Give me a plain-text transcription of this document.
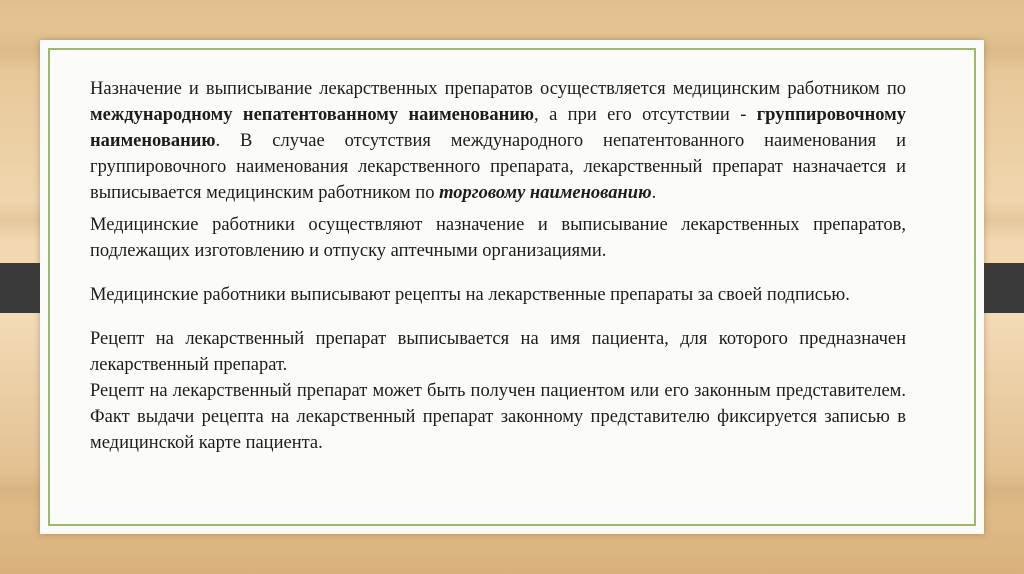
Назначение и выписывание лекарственных препаратов осуществляется медицинским работником по международному непатентованному наименованию, а при его отсутствии - группировочному наименованию. В случае отсутствия международного непатентованного наименования и группировочного наименования лекарственного препарата, лекарственный препарат назначается и выписывается медицинским работником по торговому наименованию.

Медицинские работники осуществляют назначение и выписывание лекарственных препаратов, подлежащих изготовлению и отпуску аптечными организациями.

Медицинские работники выписывают рецепты на лекарственные препараты за своей подписью.

Рецепт на лекарственный препарат выписывается на имя пациента, для которого предназначен лекарственный препарат.

Рецепт на лекарственный препарат может быть получен пациентом или его законным представителем. Факт выдачи рецепта на лекарственный препарат законному представителю фиксируется записью в медицинской карте пациента.
